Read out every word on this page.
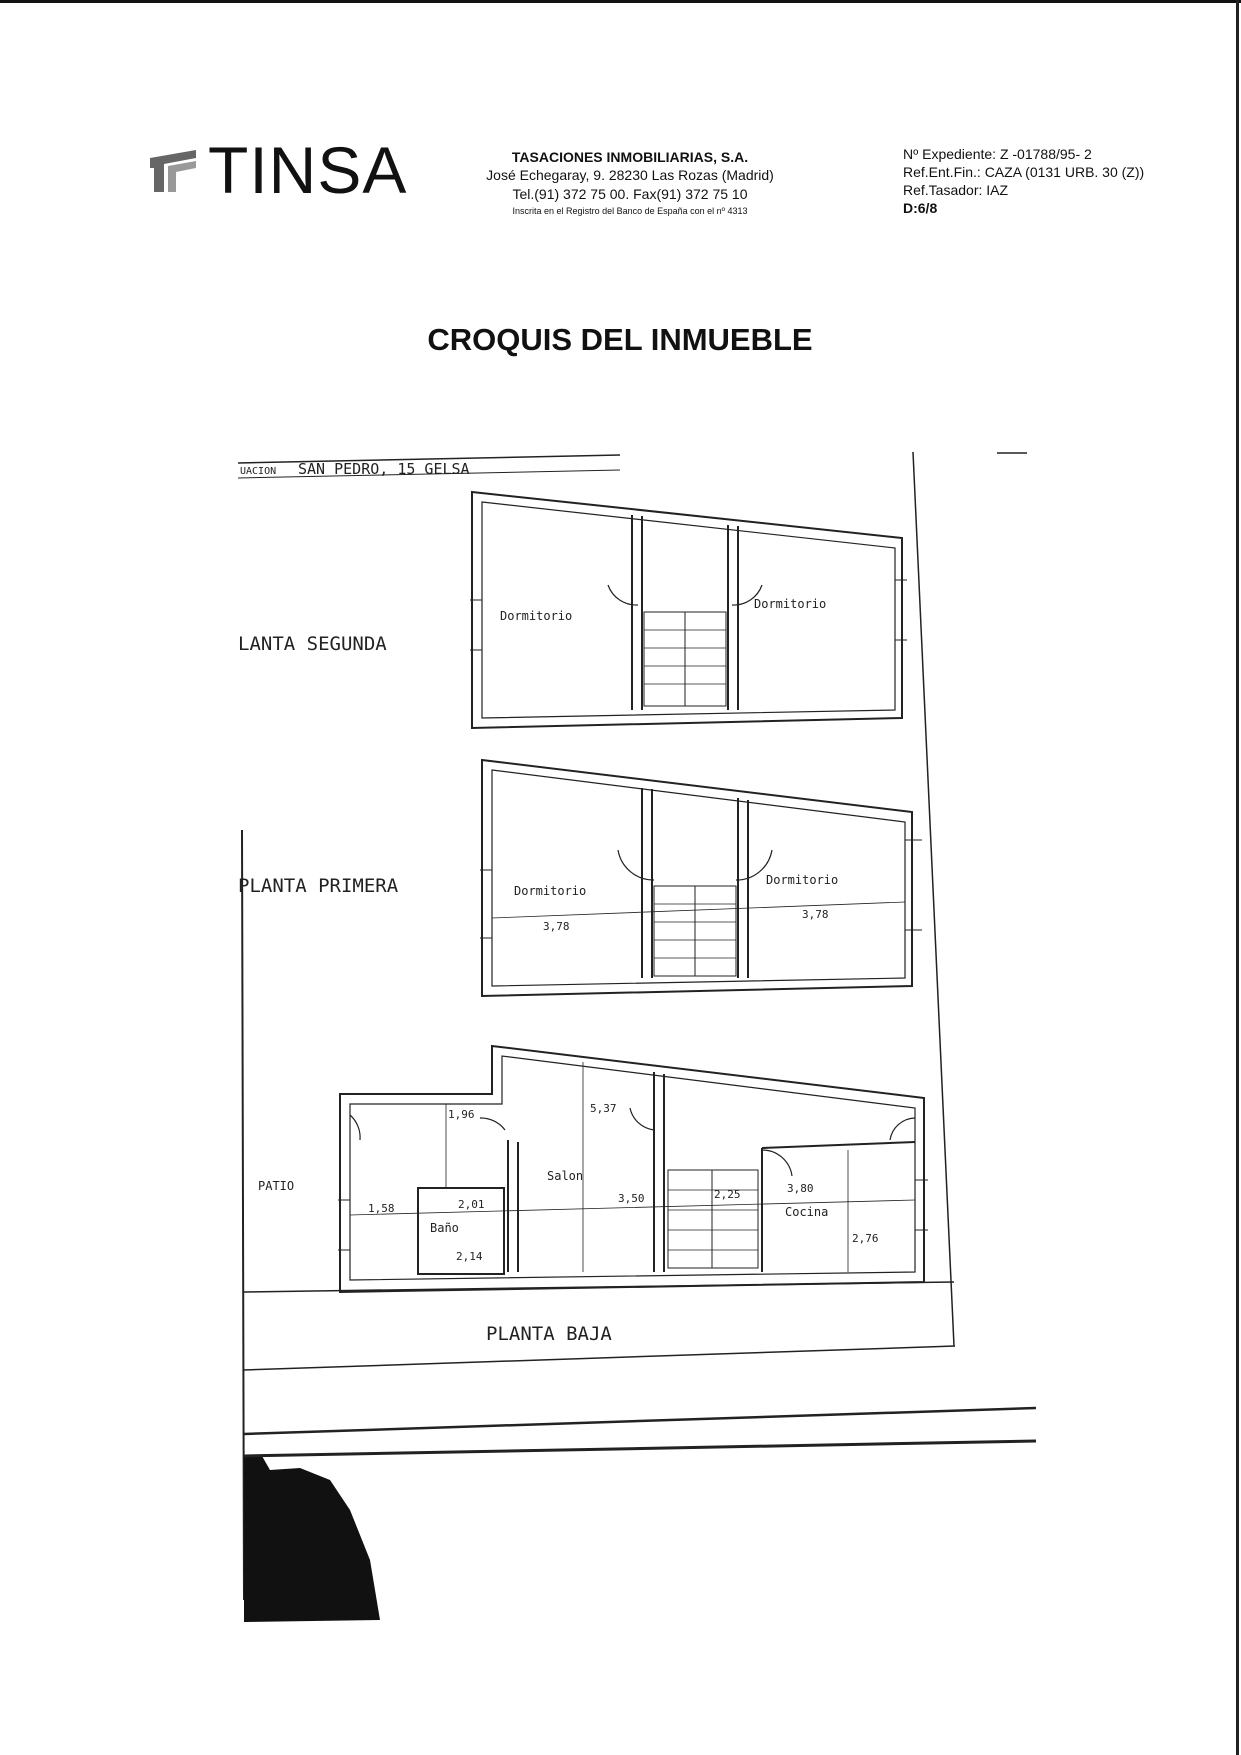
TINSA	TASACIONES INMOBILIARIAS, S.A.
José Echegaray, 9. 28230 Las Rozas (Madrid)
Tel.(91) 372 75 00. Fax(91) 372 75 10
Inscrita en el Registro del Banco de España con el nº 4313
Nº Expediente: Z -01788/95- 2
Ref.Ent.Fin.: CAZA (0131 URB. 30 (Z))
Ref.Tasador: IAZ
D:6/8
CROQUIS DEL INMUEBLE
UACION SAN PEDRO, 15 GELSA
LANTA SEGUNDA
Dormitorio
Dormitorio
PLANTA PRIMERA	Dormitorio
Dormitorio
3,78
3,78
PATIO
PLANTA BAJA
Salon
Baño
Cocina
1,96	5,37
1,58	2,01	3,50	2,25	3,80
2,14
2,76
